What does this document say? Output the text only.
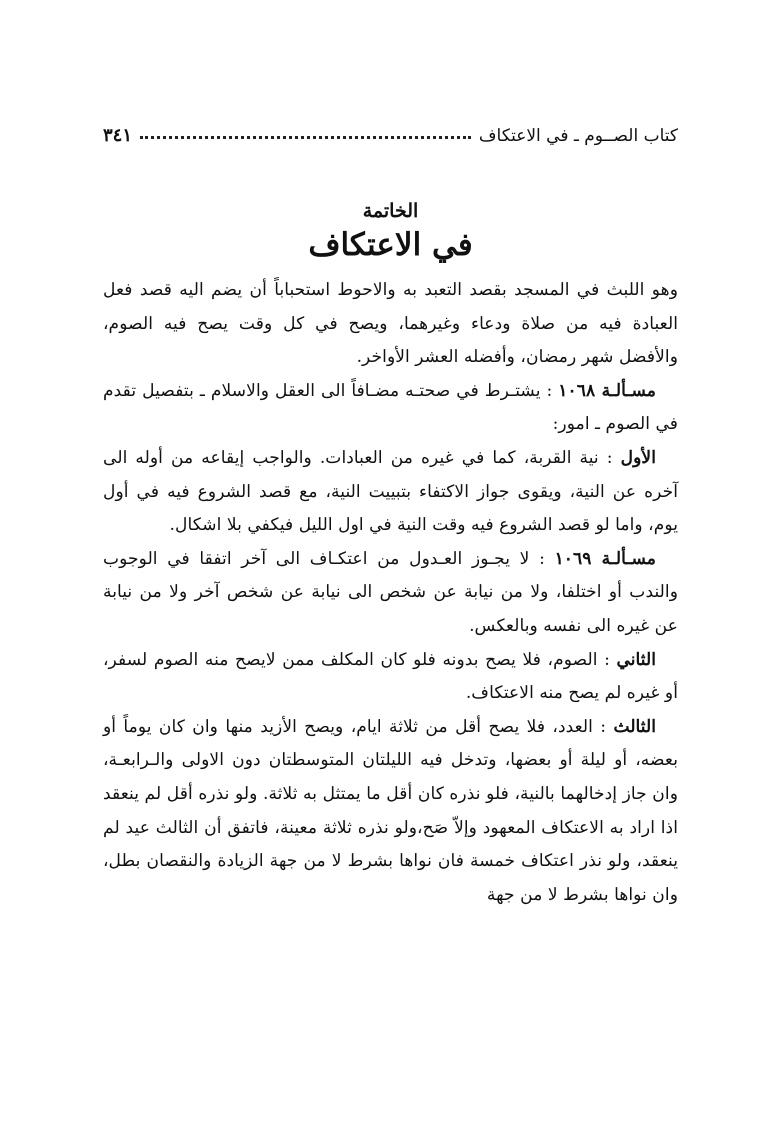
كتاب الصــوم ـ في الاعتكاف
٣٤١
الخاتمة
في الاعتكاف

وهو اللبث في المسجد بقصد التعبد به والاحوط استحباباً أن يضم اليه قصد فعل العبادة فيه من صلاة ودعاء وغيرهما، ويصح في كل وقت يصح فيه الصوم، والأفضل شهر رمضان، وأفضله العشر الأواخر.

مسـألـة ١٠٦٨ : يشتـرط في صحتـه مضـافاً الى العقل والاسلام ـ بتفصيل تقدم في الصوم ـ امور:

الأول : نية القربة، كما في غيره من العبادات. والواجب إيقاعه من أوله الى آخره عن النية، ويقوى جواز الاكتفاء بتبييت النية، مع قصد الشروع فيه في أول يوم، واما لو قصد الشروع فيه وقت النية في اول الليل فيكفي بلا اشكال.

مسـألـة ١٠٦٩ : لا يجـوز العـدول من اعتكـاف الى آخر اتفقا في الوجوب والندب أو اختلفا، ولا من نيابة عن شخص الى نيابة عن شخص آخر ولا من نيابة عن غيره الى نفسه وبالعكس.

الثاني : الصوم، فلا يصح بدونه فلو كان المكلف ممن لايصح منه الصوم لسفر، أو غيره لم يصح منه الاعتكاف.

الثالث : العدد، فلا يصح أقل من ثلاثة ايام، ويصح الأزيد منها وان كان يوماً أو بعضه، أو ليلة أو بعضها، وتدخل فيه الليلتان المتوسطتان دون الاولى والـرابعـة، وان جاز إدخالهما بالنية، فلو نذره كان أقل ما يمتثل به ثلاثة. ولو نذره أقل لم ينعقد اذا اراد به الاعتكاف المعهود وإلاّ صَح،ولو نذره ثلاثة معينة، فاتفق أن الثالث عيد لم ينعقد، ولو نذر اعتكاف خمسة فان نواها بشرط لا من جهة الزيادة والنقصان بطل، وان نواها بشرط لا من جهة
